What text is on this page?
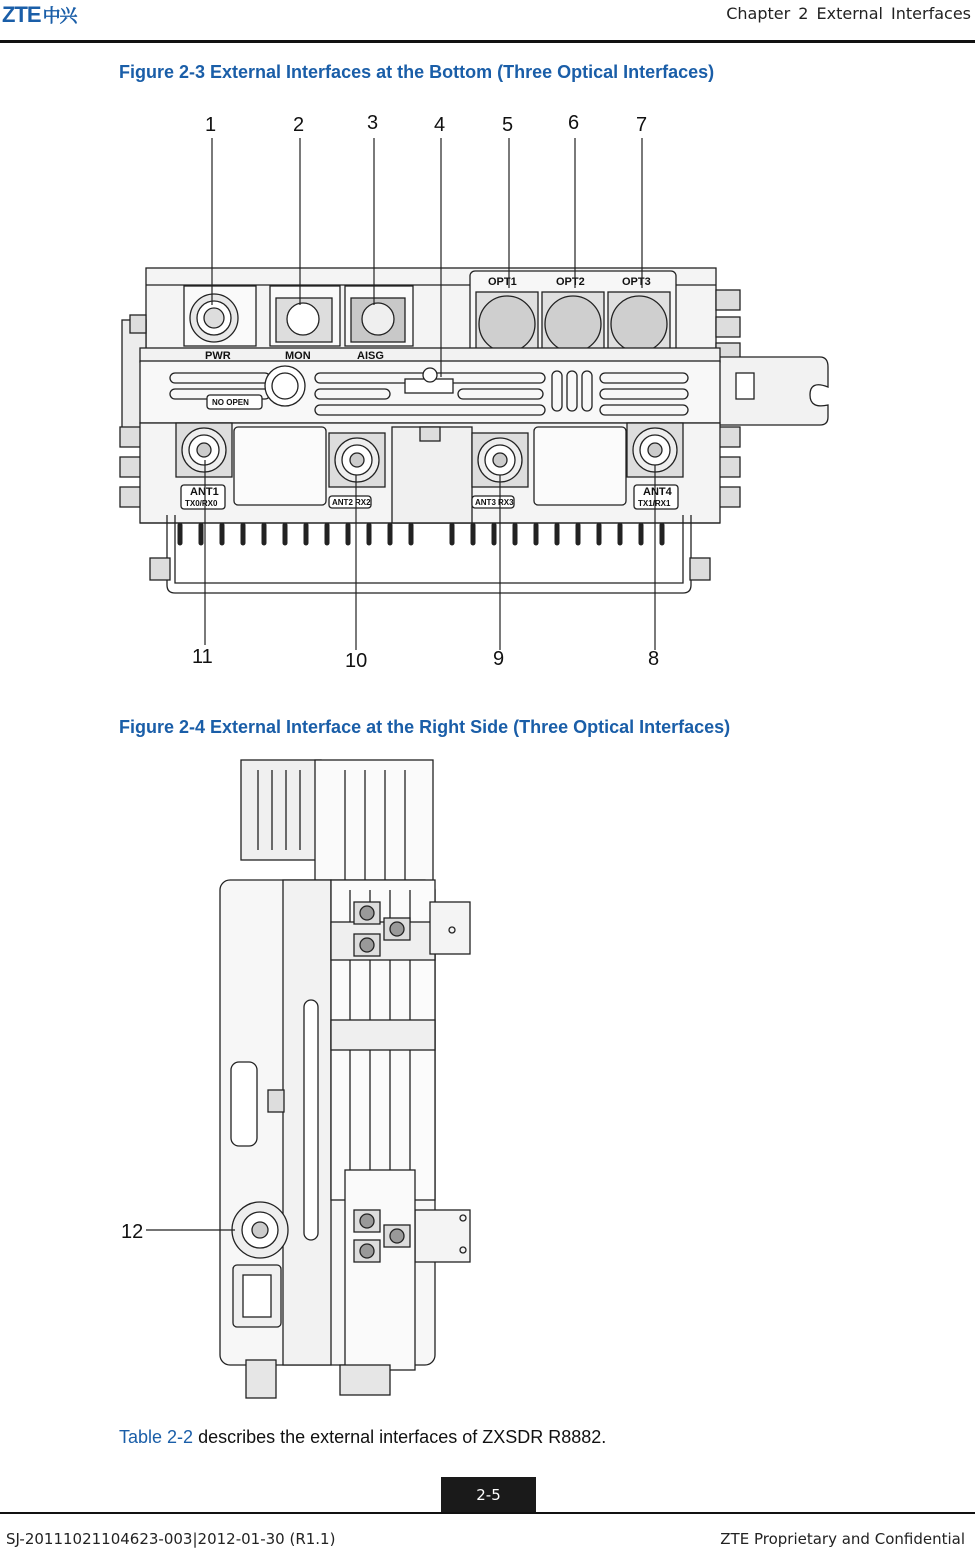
ZTE 中兴	Chapter 2 External Interfaces
Figure 2-3 External Interfaces at the Bottom (Three Optical Interfaces)
OPT1	OPT2	OPT3
PWR	MON	AISG
NO OPEN
ANT1
TX0/RX0	ANT2 RX2	ANT3 RX3
ANT4
TX1/RX1
1	2	3	4	5	6	7
11	10	9	8
Figure 2-4 External Interface at the Right Side (Three Optical Interfaces)
12
Table 2-2 describes the external interfaces of ZXSDR R8882.
2-5
SJ-20111021104623-003|2012-01-30 (R1.1)	ZTE Proprietary and Confidential
